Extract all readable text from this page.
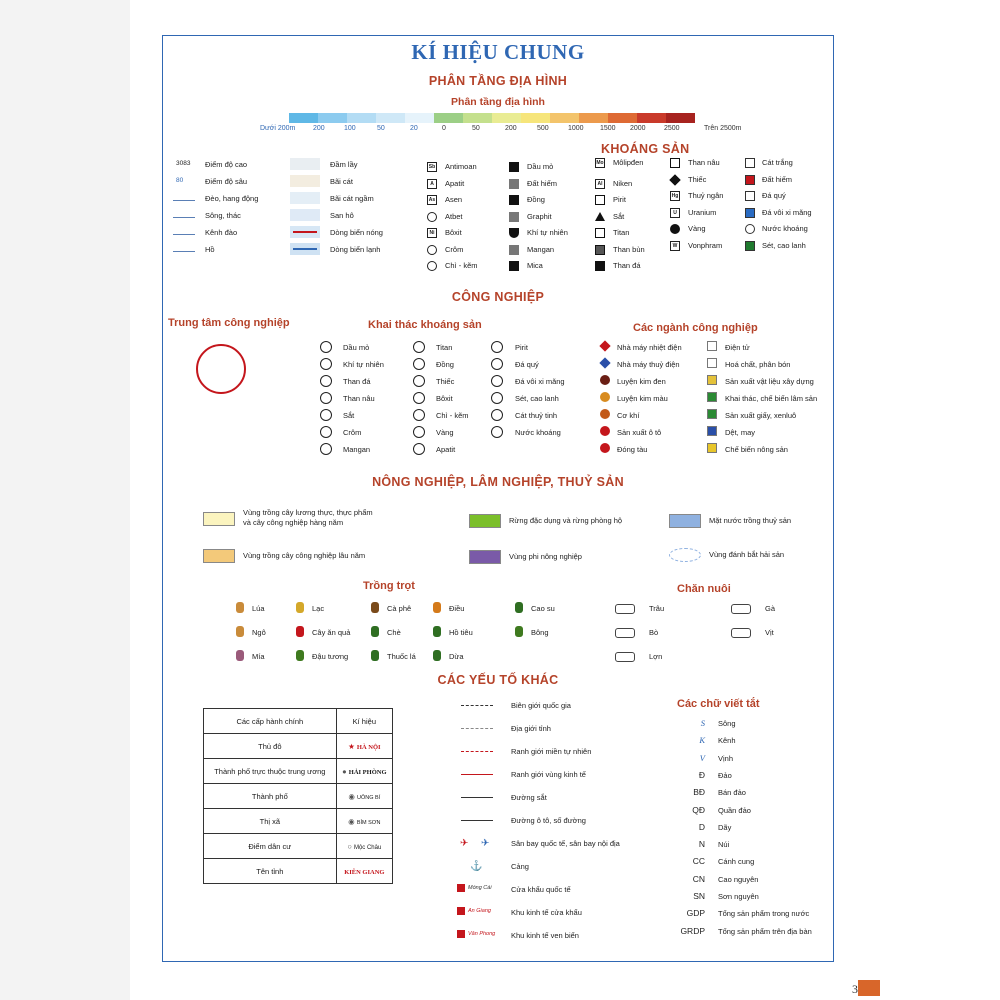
KÍ HIỆU CHUNG
PHÂN TẦNG ĐỊA HÌNH
Phân tầng địa hình
Dưới 200m	200	100	50	20	0	50	200	500	1000 1500 2000	2500	Trên 2500m
KHOÁNG SẢN
3083 Điểm độ cao
80	Điểm độ sâu
Đèo, hang động
Sông, thác
Kênh đào
Hồ
Đầm lầy
Bãi cát
Bãi cát ngầm
San hô
Dòng biển nóng
Dòng biển lạnh
Sb Antimoan
A	Apatit
As Asen
Atbet
Ni	Bôxit
Crôm
Chì - kẽm
Dầu mỏ
Đất hiếm
Đồng
Graphit
Khí tự nhiên
Mangan
Mica
Mo Môlipđen
Al	Niken
Pirit
Sắt
Titan
Than bùn
Than đá
Than nâu
Thiếc
Hg Thuỷ ngân
U	Uranium
Vàng
W	Vonphram
Cát trắng
Đất hiếm
Đá quý
Đá vôi xi măng
Nước khoáng
Sét, cao lanh
CÔNG NGHIỆP
Trung tâm công nghiệp	Khai thác khoáng sản	Các ngành công nghiệp
Dầu mỏ
Khí tự nhiên
Than đá
Than nâu
Sắt
Crôm
Mangan
Titan
Đồng
Thiếc
Bôxit
Chì - kẽm
Vàng
Apatit
Pirit
Đá quý
Đá vôi xi măng
Sét, cao lanh
Cát thuỷ tinh
Nước khoáng
Nhà máy nhiệt điện
Nhà máy thuỷ điện
Luyện kim đen
Luyện kim màu
Cơ khí
Sản xuất ô tô
Đóng tàu
Điện tử
Hoá chất, phân bón
Sản xuất vật liệu xây dựng
Khai thác, chế biến lâm sản
Sản xuất giấy, xenluô
Dệt, may
Chế biến nông sản
NÔNG NGHIỆP, LÂM NGHIỆP, THUỶ SẢN
Vùng trồng cây lương thực, thực phẩm
và cây công nghiệp hàng năm
Vùng trồng cây công nghiệp lâu năm
Rừng đặc dụng và rừng phòng hộ
Vùng phi nông nghiệp
Mặt nước trồng thuỷ sản
Vùng đánh bắt hải sản
Trồng trọt	Chăn nuôi
Lúa
Ngô
Mía
Lạc
Cây ăn quả
Đậu tương
Cà phê
Chè
Thuốc lá
Điều
Hồ tiêu
Dừa
Cao su
Bông
Trâu
Bò
Lợn
Gà
Vịt
CÁC YẾU TỐ KHÁC
Các cấp hành chính	Kí hiệu
Thủ đô	★ HÀ NỘI
Thành phố trực thuộc trung ương	● HẢI PHÒNG
Thành phố	◉ UÔNG BÍ
Thị xã	◉ BỈM SƠN
Điểm dân cư	○ Mộc Châu
Tên tỉnh	KIÊN GIANG
Biên giới quốc gia
Địa giới tỉnh
Ranh giới miền tự nhiên
Ranh giới vùng kinh tế
Đường sắt
Đường ô tô, số đường
✈ ✈	Sân bay quốc tế, sân bay nội địa
⚓	Cảng
Móng Cái	Cửa khẩu quốc tế
An Giang	Khu kinh tế cửa khẩu
Vân Phong Khu kinh tế ven biển
Các chữ viết tắt
S Sông
K Kênh
V Vịnh
Đ Đảo
BĐ Bán đảo
QĐ Quần đảo
D Dãy
N Núi
CC Cánh cung
CN Cao nguyên
SN Sơn nguyên
GDP Tổng sản phẩm trong nước
GRDP Tổng sản phẩm trên địa bàn
3
